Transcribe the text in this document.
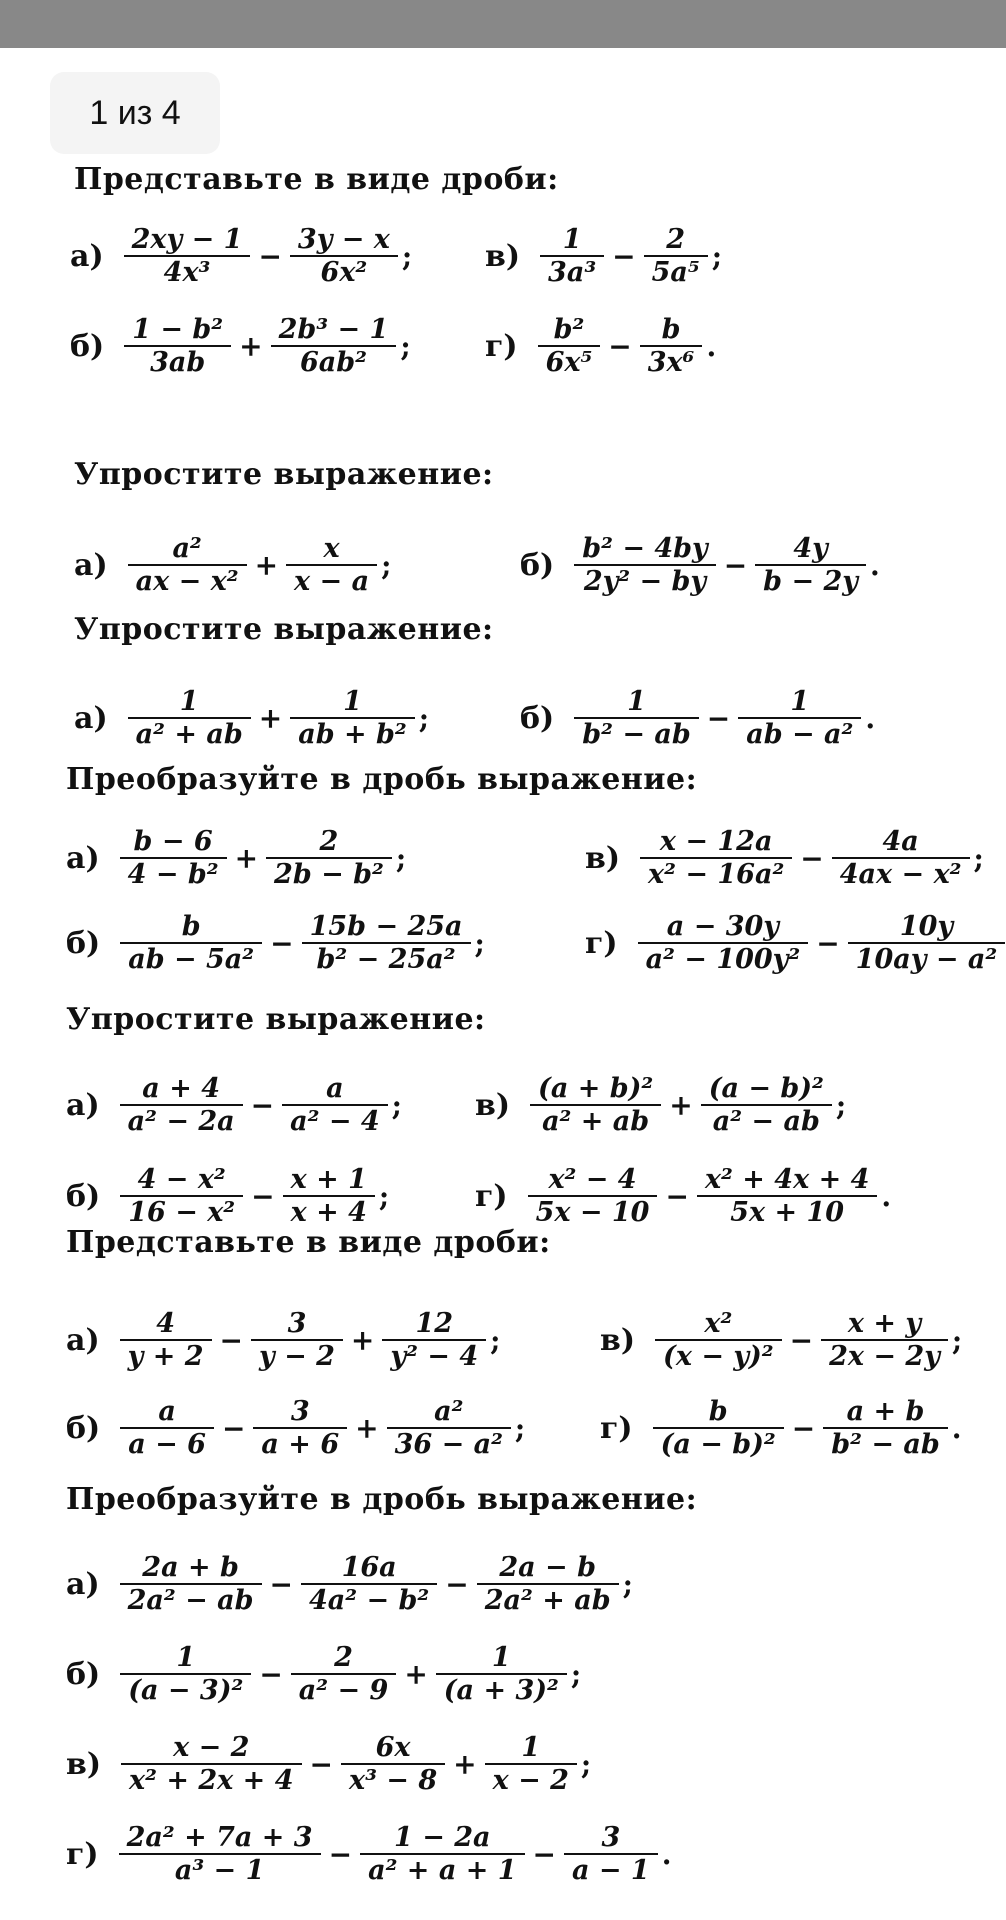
1 из 4
Представьте в виде дроби:
$а) \frac{2xy - 1}{\text{4x³}} - \frac{3y - x}{\text{6x²}}$ ; $в) \frac{1}{\text{3a³}} - \frac{2}{\text{5a⁵}}$ ;
$б) \frac{\text{1 − b²}}{3ab} + \frac{\text{2b³ − 1}}{\text{6ab²}}$ ; $г) \frac{\text{b²}}{\text{6x⁵}} - \frac{b}{\text{3x⁶}}$ .
Упростите выражение:
$а) \frac{\text{a²}}{\text{ax − x²}} + \frac{x}{x - a}$ ;	$б) \frac{\text{b² − 4by}}{\text{2y² − by}} - \frac{4y}{b - 2y}$ .
Упростите выражение:
$а) \frac{1}{\text{a² + ab}} + \frac{1}{\text{ab + b²}}$ ;	$б) \frac{1}{\text{b² − ab}} - \frac{1}{\text{ab − a²}}$ .
Преобразуйте в дробь выражение:
$а) \frac{b - 6}{\text{4 − b²}} + \frac{2}{\text{2b − b²}}$ ;	$в) \frac{x - 12a}{\text{x² − 16a²}} - \frac{4a}{\text{4ax − x²}}$ ;
$б) \frac{b}{\text{ab − 5a²}} - \frac{15b - 25a}{\text{b² − 25a²}}$ ;	$г) \frac{a - 30y}{\text{a² − 100y²}} - \frac{10y}{\text{10ay − a²}}$
Упростите выражение:
$а) \frac{a + 4}{\text{a² − 2a}} - \frac{a}{\text{a² − 4}}$ ; $в) \frac{\text{(a + b)²}}{\text{a² + ab}} + \frac{\text{(a − b)²}}{\text{a² − ab}}$ ;
$б) \frac{\text{4 − x²}}{\text{16 − x²}} - \frac{x + 1}{x + 4}$ ;	$г) \frac{\text{x² − 4}}{5x - 10} - \frac{\text{x² + 4x + 4}}{5x + 10}$ .
Представьте в виде дроби:
$а) \frac{4}{y + 2} - \frac{3}{y - 2} + \frac{12}{\text{y² − 4}}$ ;	$в) \frac{\text{x²}}{\text{(x − y)²}} - \frac{x + y}{2x - 2y}$ ;
$б) \frac{a}{a - 6} - \frac{3}{a + 6} + \frac{\text{a²}}{\text{36 − a²}}$ ; $г) \frac{b}{\text{(a − b)²}} - \frac{a + b}{\text{b² − ab}}$ .
Преобразуйте в дробь выражение:
$а) \frac{2a + b}{\text{2a² − ab}} - \frac{16a}{\text{4a² − b²}} - \frac{2a - b}{\text{2a² + ab}}$ ;
$б) \frac{1}{\text{(a − 3)²}} - \frac{2}{\text{a² − 9}} + \frac{1}{\text{(a + 3)²}}$ ;
$в) \frac{x - 2}{\text{x² + 2x + 4}} - \frac{6x}{\text{x³ − 8}} + \frac{1}{x - 2}$ ;
$г) \frac{\text{2a² + 7a + 3}}{\text{a³ − 1}} - \frac{1 - 2a}{\text{a² + a + 1}} - \frac{3}{a - 1}$ .
